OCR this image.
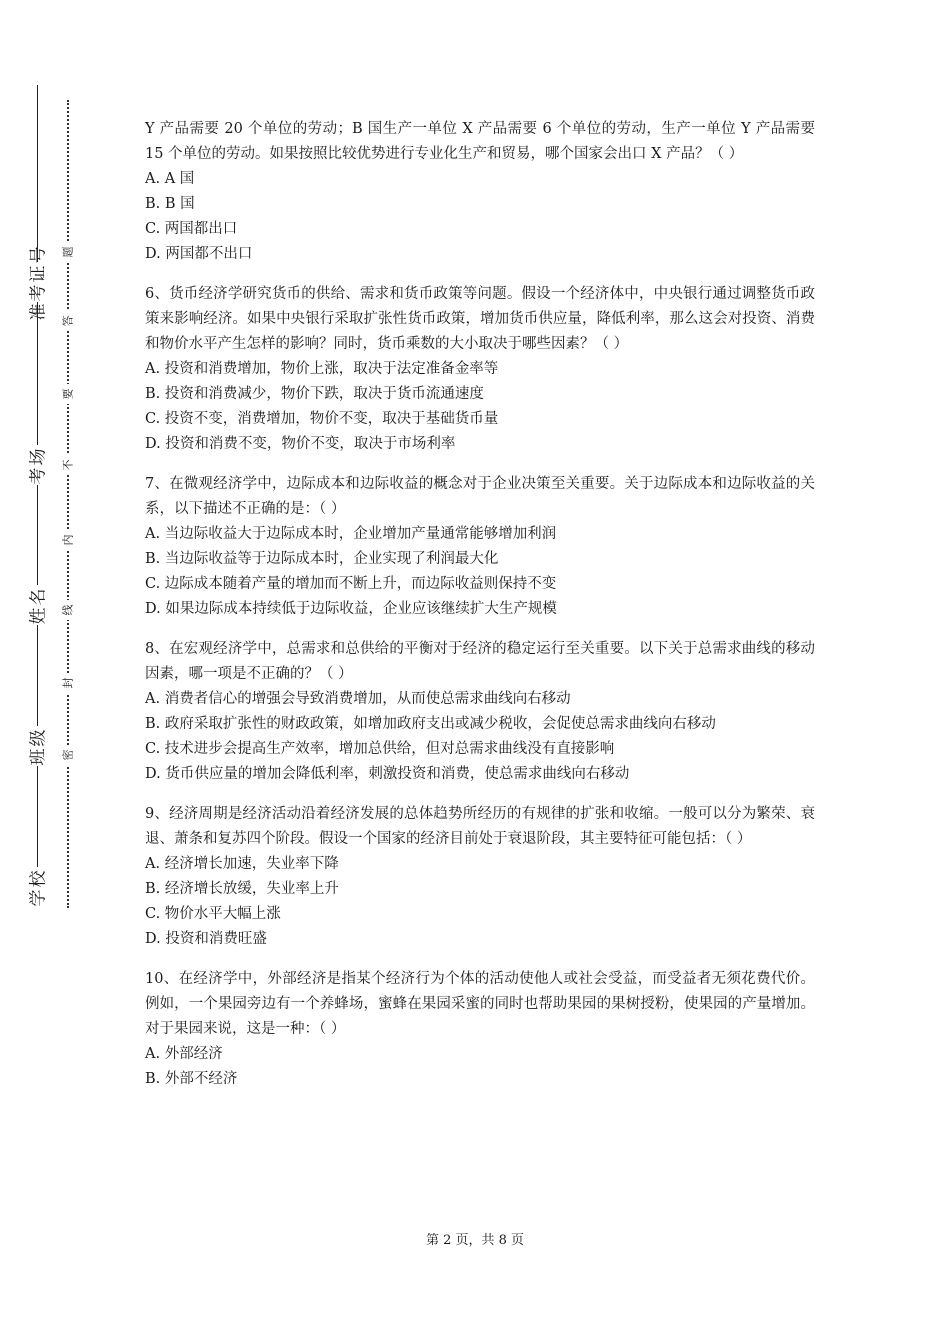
准考证号
考场
姓名
班级
学校
题
答
要
不
内
线
封
密

Y 产品需要 20 个单位的劳动；B 国生产一单位 X 产品需要 6 个单位的劳动，生产一单位 Y 产品需要 15 个单位的劳动。如果按照比较优势进行专业化生产和贸易，哪个国家会出口 X 产品？（ ）

A. A 国

B. B 国

C. 两国都出口

D. 两国都不出口

6、货币经济学研究货币的供给、需求和货币政策等问题。假设一个经济体中，中央银行通过调整货币政策来影响经济。如果中央银行采取扩张性货币政策，增加货币供应量，降低利率，那么这会对投资、消费和物价水平产生怎样的影响？同时，货币乘数的大小取决于哪些因素？（ ）

A. 投资和消费增加，物价上涨，取决于法定准备金率等

B. 投资和消费减少，物价下跌，取决于货币流通速度

C. 投资不变，消费增加，物价不变，取决于基础货币量

D. 投资和消费不变，物价不变，取决于市场利率

7、在微观经济学中，边际成本和边际收益的概念对于企业决策至关重要。关于边际成本和边际收益的关系，以下描述不正确的是：（ ）

A. 当边际收益大于边际成本时，企业增加产量通常能够增加利润

B. 当边际收益等于边际成本时，企业实现了利润最大化

C. 边际成本随着产量的增加而不断上升，而边际收益则保持不变

D. 如果边际成本持续低于边际收益，企业应该继续扩大生产规模

8、在宏观经济学中，总需求和总供给的平衡对于经济的稳定运行至关重要。以下关于总需求曲线的移动因素，哪一项是不正确的？（ ）

A. 消费者信心的增强会导致消费增加，从而使总需求曲线向右移动

B. 政府采取扩张性的财政政策，如增加政府支出或减少税收，会促使总需求曲线向右移动

C. 技术进步会提高生产效率，增加总供给，但对总需求曲线没有直接影响

D. 货币供应量的增加会降低利率，刺激投资和消费，使总需求曲线向右移动

9、经济周期是经济活动沿着经济发展的总体趋势所经历的有规律的扩张和收缩。一般可以分为繁荣、衰退、萧条和复苏四个阶段。假设一个国家的经济目前处于衰退阶段，其主要特征可能包括：（ ）

A. 经济增长加速，失业率下降

B. 经济增长放缓，失业率上升

C. 物价水平大幅上涨

D. 投资和消费旺盛

10、在经济学中，外部经济是指某个经济行为个体的活动使他人或社会受益，而受益者无须花费代价。例如，一个果园旁边有一个养蜂场，蜜蜂在果园采蜜的同时也帮助果园的果树授粉，使果园的产量增加。对于果园来说，这是一种：（ ）

A. 外部经济

B. 外部不经济

第 2 页，共 8 页
